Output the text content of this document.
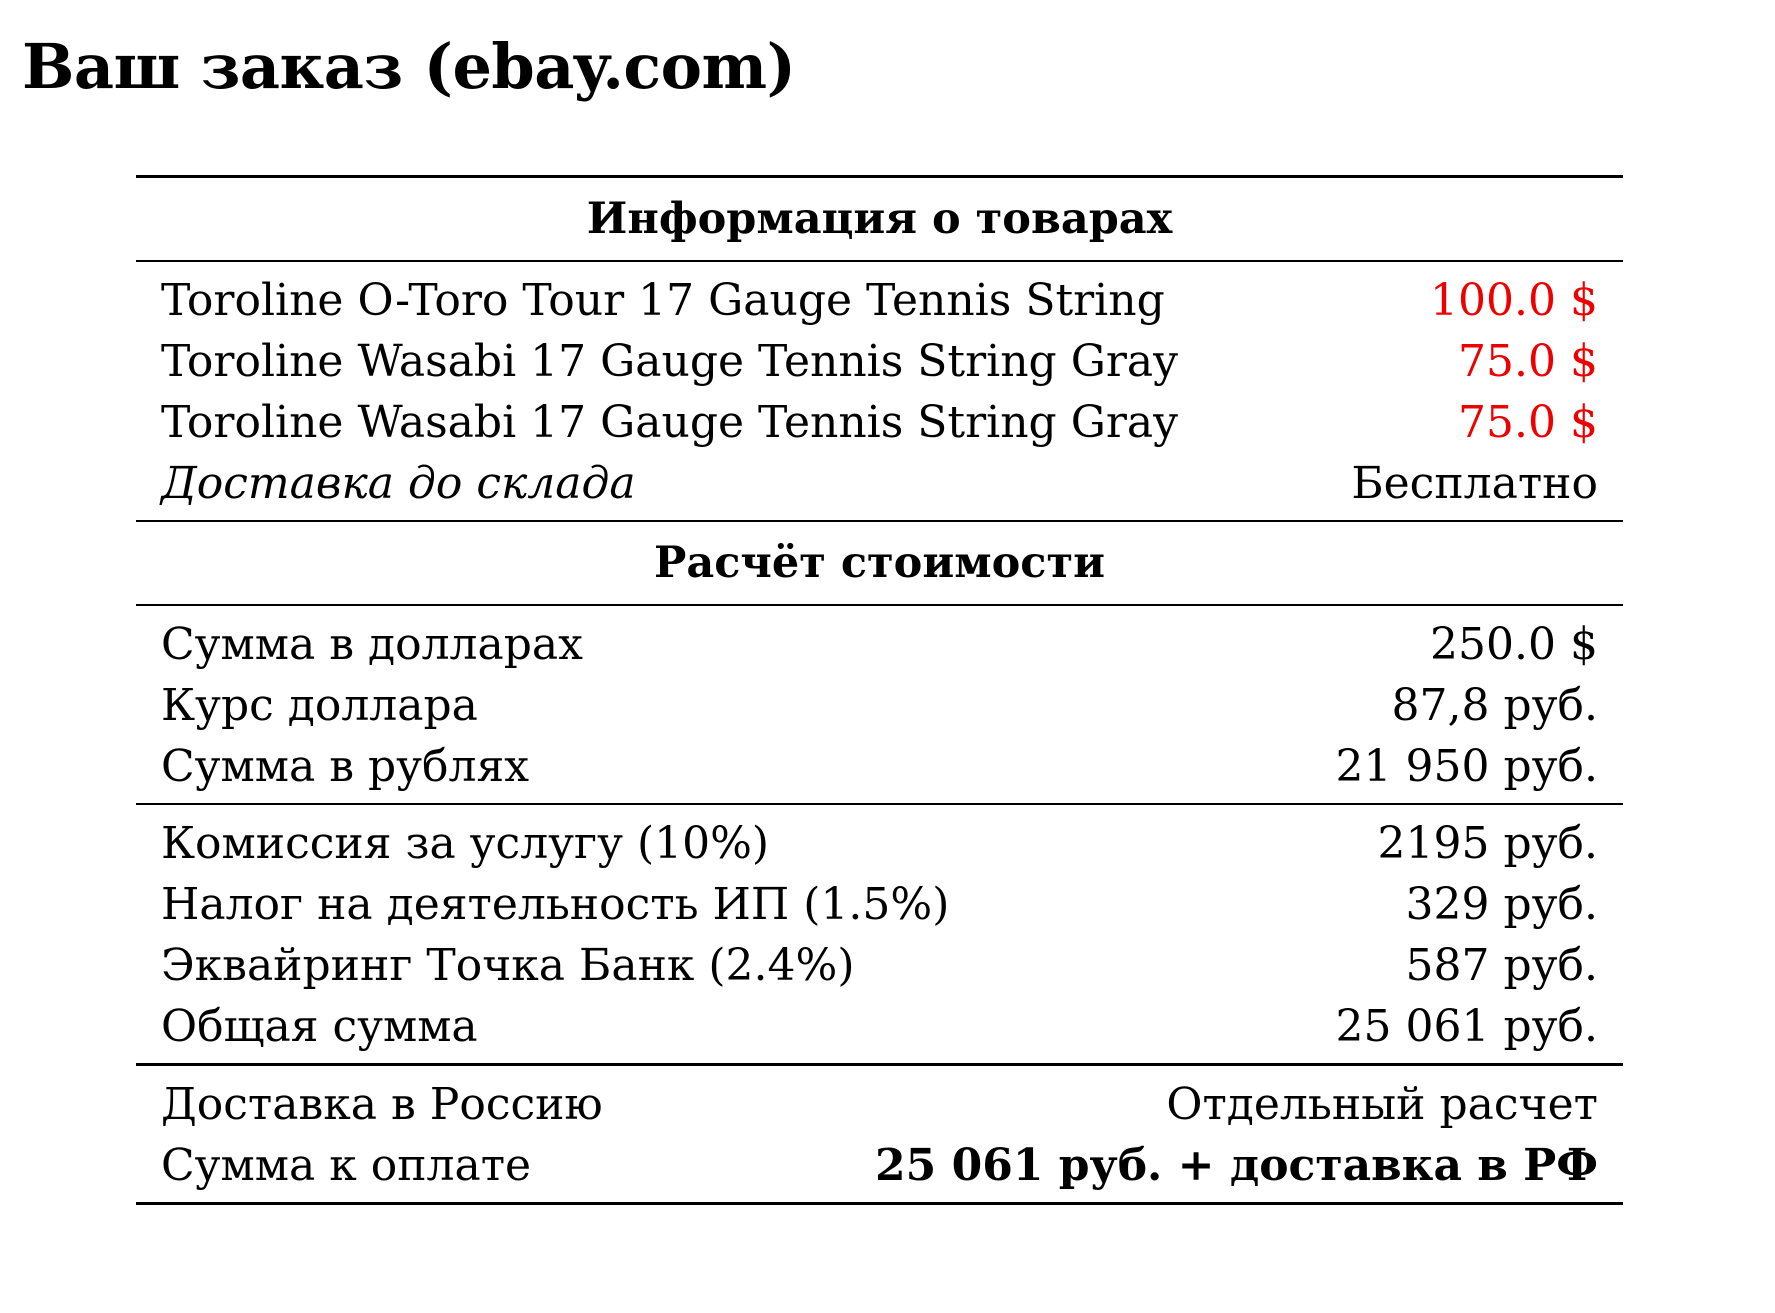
Ваш заказ (ebay.com)
Информация о товарах
Toroline O-Toro Tour 17 Gauge Tennis String	100.0 $
Toroline Wasabi 17 Gauge Tennis String Gray	75.0 $
Toroline Wasabi 17 Gauge Tennis String Gray	75.0 $
Доставка до склада	Бесплатно
Расчёт стоимости
Сумма в долларах	250.0 $
Курс доллара	87,8 руб.
Сумма в рублях	21 950 руб.
Комиссия за услугу (10%)	2195 руб.
Налог на деятельность ИП (1.5%)	329 руб.
Эквайринг Точка Банк (2.4%)	587 руб.
Общая сумма	25 061 руб.
Доставка в Россию	Отдельный расчет
Сумма к оплате	25 061 руб. + доставка в РФ
